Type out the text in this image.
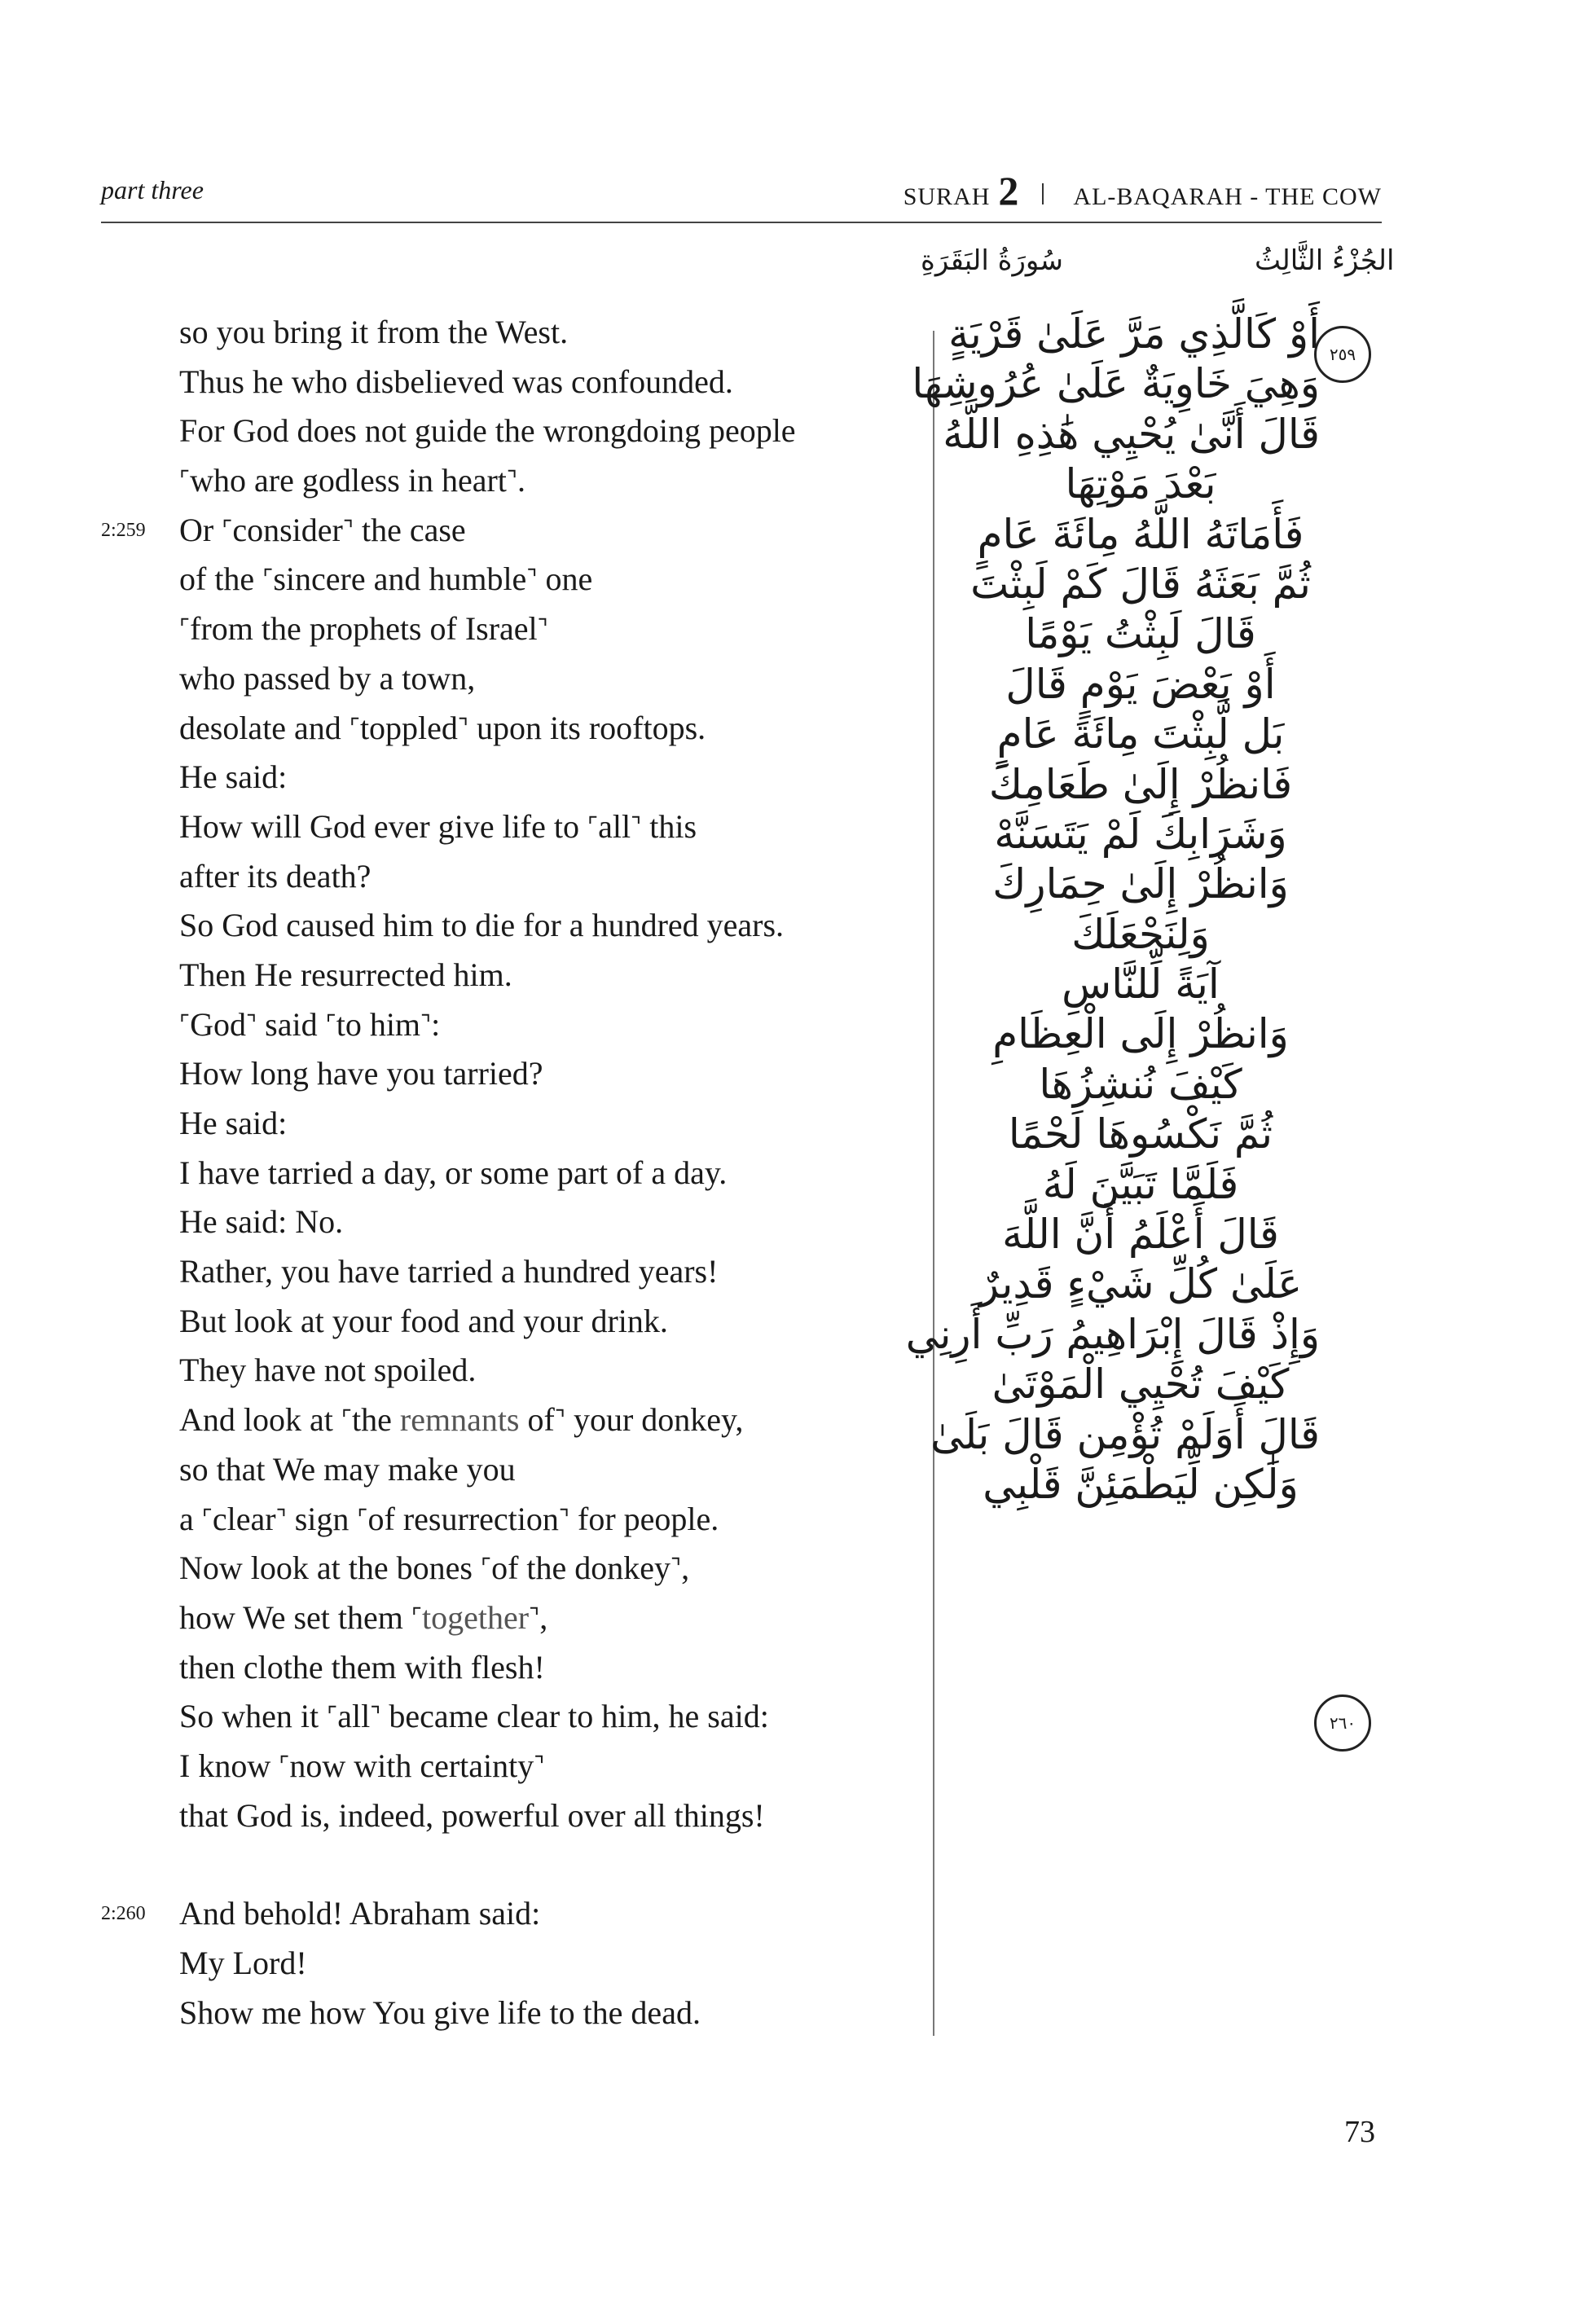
part three	SURAH 2 AL-BAQARAH - THE COW
سُورَةُ البَقَرَةِ	الجُزْءُ الثَّالِثُ
so you bring it from the West.
Thus he who disbelieved was confounded.
For God does not guide the wrongdoing people
⌜who are godless in heart⌝.
2:259 Or ⌜consider⌝ the case
of the ⌜sincere and humble⌝ one
⌜from the prophets of Israel⌝
who passed by a town,
desolate and ⌜toppled⌝ upon its rooftops.
He said:
How will God ever give life to ⌜all⌝ this
after its death?
So God caused him to die for a hundred years.
Then He resurrected him.
⌜God⌝ said ⌜to him⌝:
How long have you tarried?
He said:
I have tarried a day, or some part of a day.
He said: No.
Rather, you have tarried a hundred years!
But look at your food and your drink.
They have not spoiled.
And look at ⌜the remnants of⌝ your donkey,
so that We may make you
a ⌜clear⌝ sign ⌜of resurrection⌝ for people.
Now look at the bones ⌜of the donkey⌝,
how We set them ⌜together⌝,
then clothe them with flesh!
So when it ⌜all⌝ became clear to him, he said:
I know ⌜now with certainty⌝
that God is, indeed, powerful over all things!
2:260 And behold! Abraham said:
My Lord!
Show me how You give life to the dead.
٢٥٩
٢٦٠
أَوْ كَالَّذِي مَرَّ عَلَىٰ قَرْيَةٍ
وَهِيَ خَاوِيَةٌ عَلَىٰ عُرُوشِهَا
قَالَ أَنَّىٰ يُحْيِي هَٰذِهِ اللَّهُ
بَعْدَ مَوْتِهَا
فَأَمَاتَهُ اللَّهُ مِائَةَ عَامٍ
ثُمَّ بَعَثَهُ قَالَ كَمْ لَبِثْتَ
قَالَ لَبِثْتُ يَوْمًا
أَوْ بَعْضَ يَوْمٍ قَالَ
بَل لَّبِثْتَ مِائَةَ عَامٍ
فَانظُرْ إِلَىٰ طَعَامِكَ
وَشَرَابِكَ لَمْ يَتَسَنَّهْ
وَانظُرْ إِلَىٰ حِمَارِكَ
وَلِنَجْعَلَكَ
آيَةً لِّلنَّاسِ
وَانظُرْ إِلَى الْعِظَامِ
كَيْفَ نُنشِزُهَا
ثُمَّ نَكْسُوهَا لَحْمًا
فَلَمَّا تَبَيَّنَ لَهُ
قَالَ أَعْلَمُ أَنَّ اللَّهَ
عَلَىٰ كُلِّ شَيْءٍ قَدِيرٌ
وَإِذْ قَالَ إِبْرَاهِيمُ رَبِّ أَرِنِي
كَيْفَ تُحْيِي الْمَوْتَىٰ
قَالَ أَوَلَمْ تُؤْمِن قَالَ بَلَىٰ
وَلَٰكِن لِّيَطْمَئِنَّ قَلْبِي
73
